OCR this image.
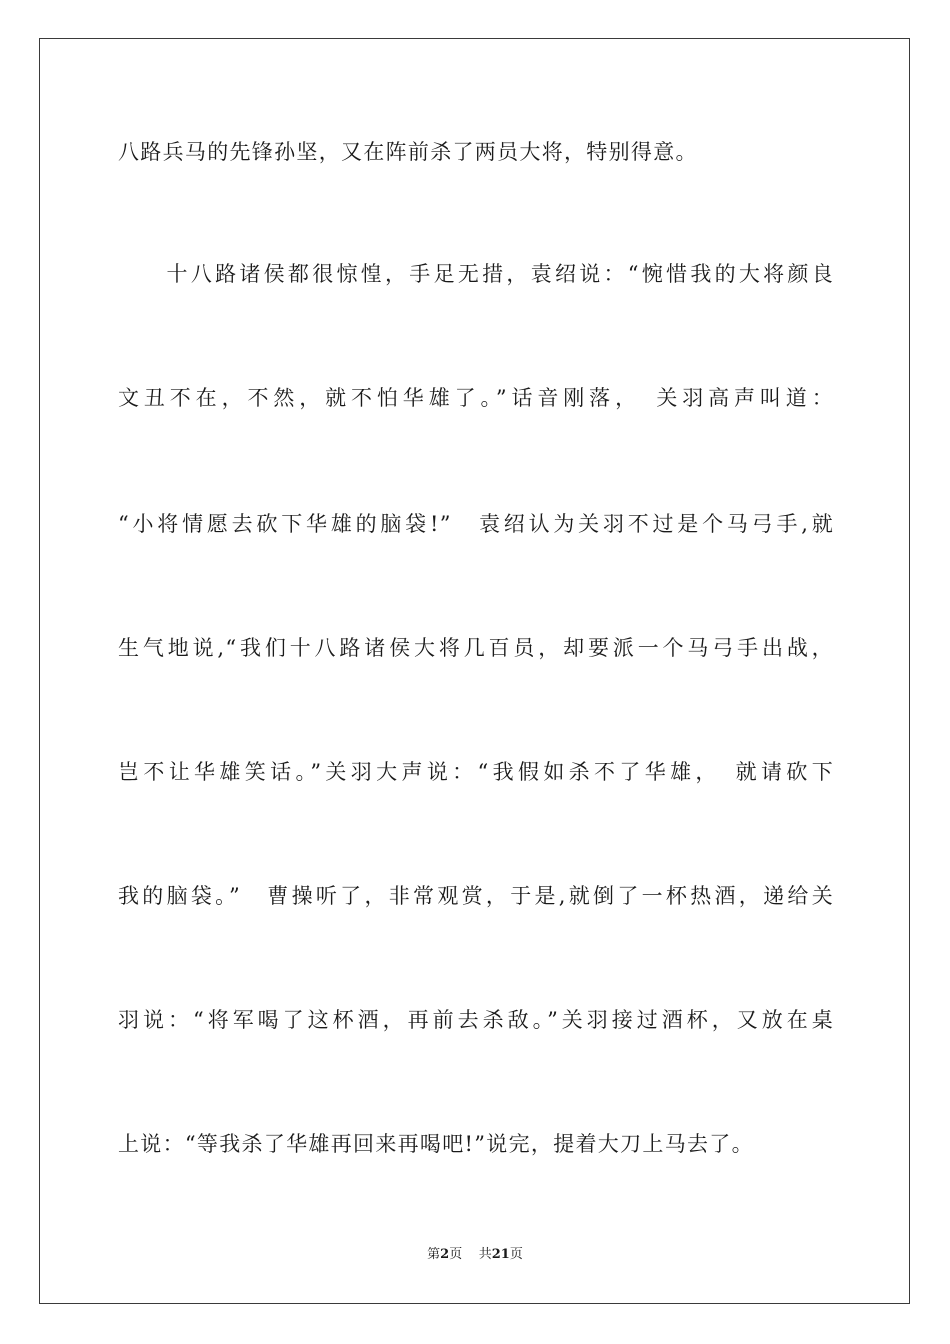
八路兵马的先锋孙坚，又在阵前杀了两员大将，特别得意。
　　十八路诸侯都很惊惶，手足无措，袁绍说：“惋惜我的大将颜良
文丑不在，不然，就不怕华雄了。”话音刚落，　关羽高声叫道：
“小将情愿去砍下华雄的脑袋!”　袁绍认为关羽不过是个马弓手,就
生气地说,“我们十八路诸侯大将几百员，却要派一个马弓手出战，
岂不让华雄笑话。”关羽大声说：“我假如杀不了华雄，　就请砍下
我的脑袋。”　曹操听了，非常观赏，于是,就倒了一杯热酒，递给关
羽说：“将军喝了这杯酒，再前去杀敌。”关羽接过酒杯，又放在桌
上说：“等我杀了华雄再回来再喝吧!”说完，提着大刀上马去了。
第2页 共21页
